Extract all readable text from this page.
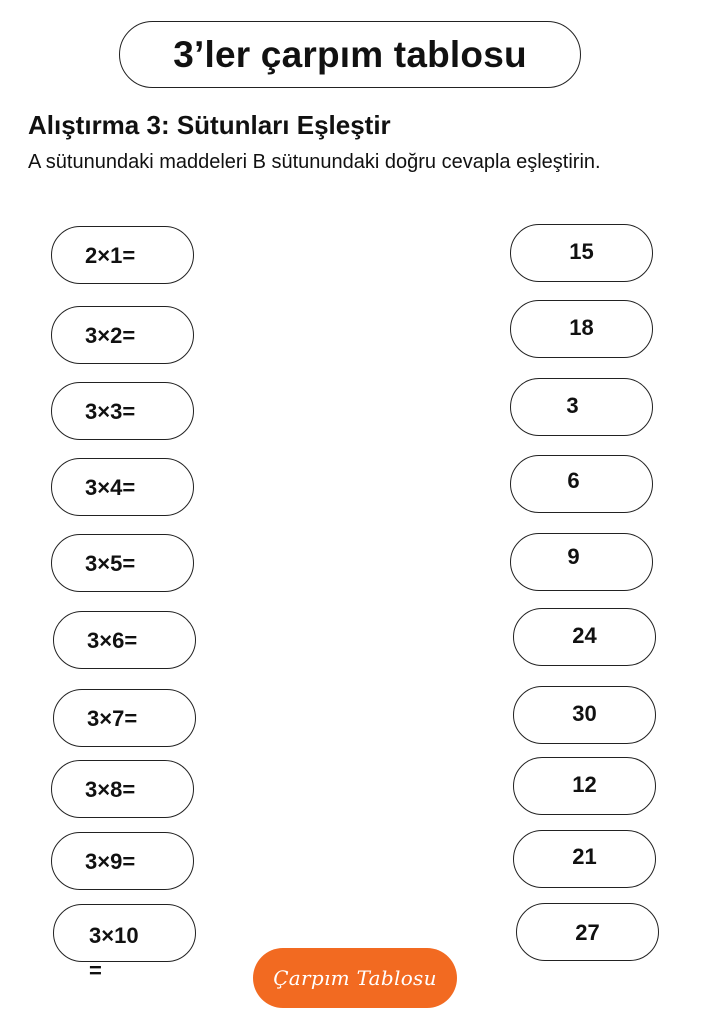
3’ler çarpım tablosu
Alıştırma 3: Sütunları Eşleştir
A sütunundaki maddeleri B sütunundaki doğru cevapla eşleştirin.
2×1=
3×2=
3×3=
3×4=
3×5=
3×6=
3×7=
3×8=
3×9=
3×10
=
15
18
3
6
9
24
30
12
21
27
Çarpım Tablosu
